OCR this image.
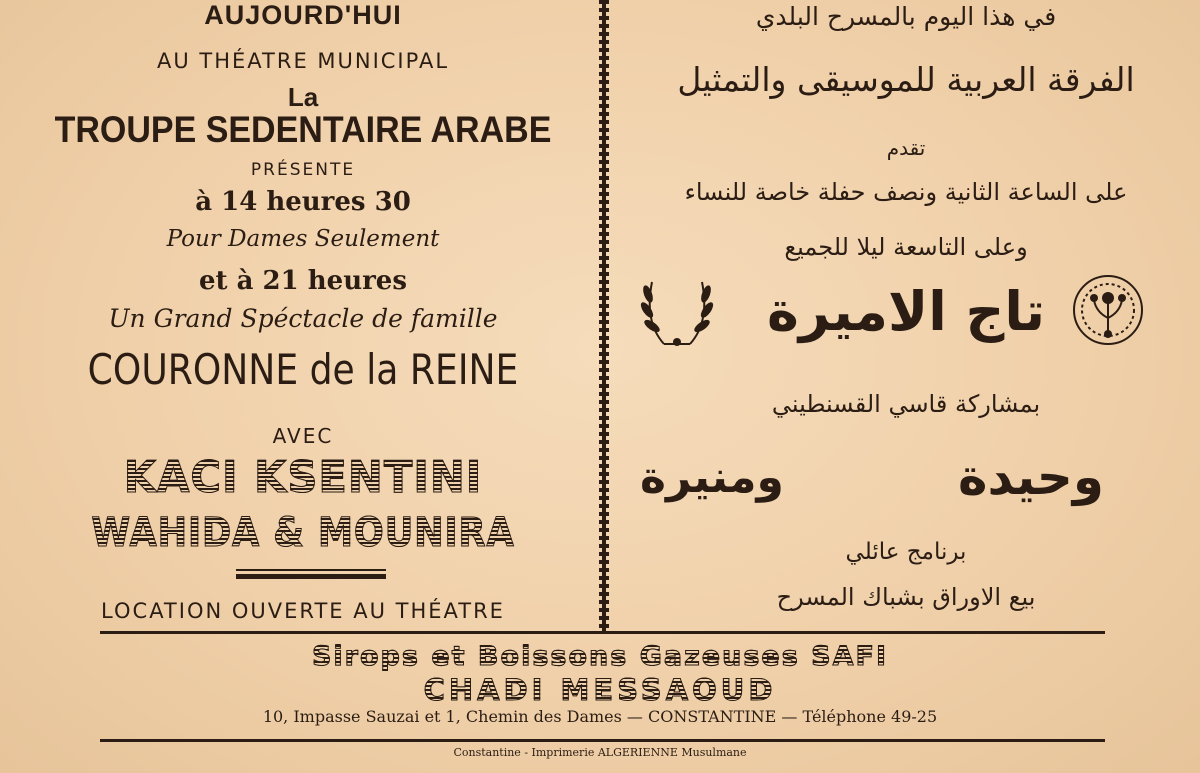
AUJOURD'HUI
AU THÉATRE MUNICIPAL
La
TROUPE SEDENTAIRE ARABE
PRÉSENTE
à 14 heures 30
Pour Dames Seulement
et à 21 heures
Un Grand Spéctacle de famille
COURONNE de la REINE
AVEC
KACI KSENTINI
WAHIDA & MOUNIRA
LOCATION OUVERTE AU THÉATRE
في هذا اليوم بالمسرح البلدي
الفرقة العربية للموسيقى والتمثيل
تقدم
على الساعة الثانية ونصف حفلة خاصة للنساء
وعلى التاسعة ليلا للجميع
تاج الاميرة
بمشاركة قاسي القسنطيني
وحيدة
ومنيرة
برنامج عائلي
بيع الاوراق بشباك المسرح
Sirops et Boissons Gazeuses SAFI
CHADI MESSAOUD
10, Impasse Sauzai et 1, Chemin des Dames — CONSTANTINE — Téléphone 49-25
Constantine - Imprimerie ALGERIENNE Musulmane
